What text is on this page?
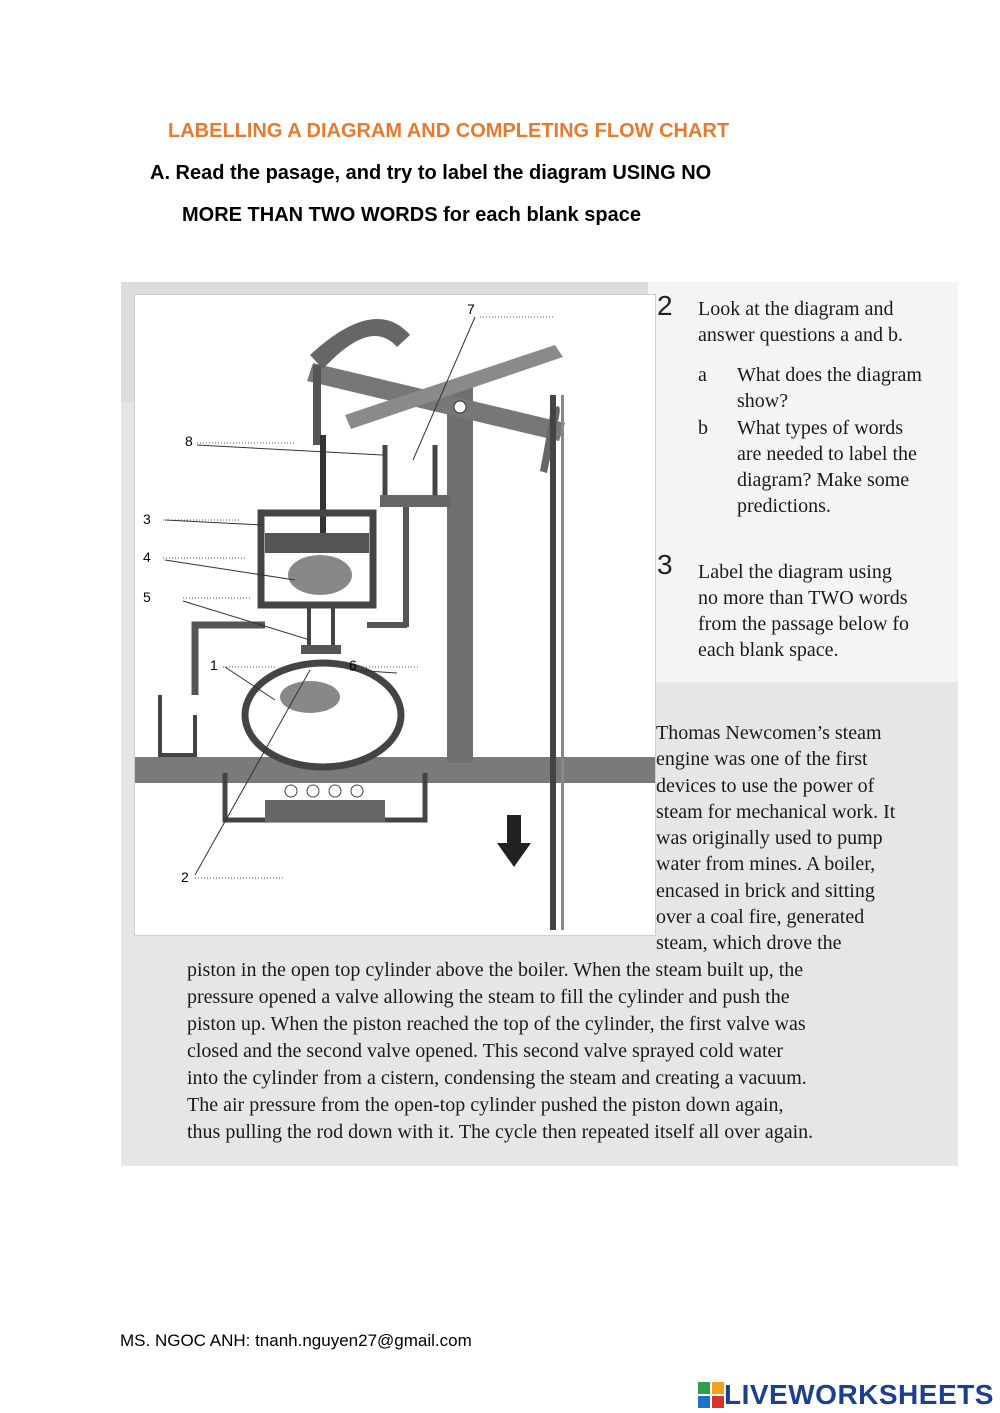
LABELLING A DIAGRAM AND COMPLETING FLOW CHART
A. Read the pasage, and try to label the diagram USING NO
MORE THAN TWO WORDS for each blank space
7
8
3
4
5
1	6
2
2 Look at the diagram and
answer questions a and b.
a What does the diagram
show?
b What types of words
are needed to label the
diagram? Make some
predictions.
3 Label the diagram using
no more than TWO words
from the passage below fo
each blank space.
Thomas Newcomen’s steam
engine was one of the first
devices to use the power of
steam for mechanical work. It
was originally used to pump
water from mines. A boiler,
encased in brick and sitting
over a coal fire, generated
steam, which drove the
piston in the open top cylinder above the boiler. When the steam built up, the
pressure opened a valve allowing the steam to fill the cylinder and push the
piston up. When the piston reached the top of the cylinder, the first valve was
closed and the second valve opened. This second valve sprayed cold water
into the cylinder from a cistern, condensing the steam and creating a vacuum.
The air pressure from the open-top cylinder pushed the piston down again,
thus pulling the rod down with it. The cycle then repeated itself all over again.
MS. NGOC ANH: tnanh.nguyen27@gmail.com
LIVEWORKSHEETS
